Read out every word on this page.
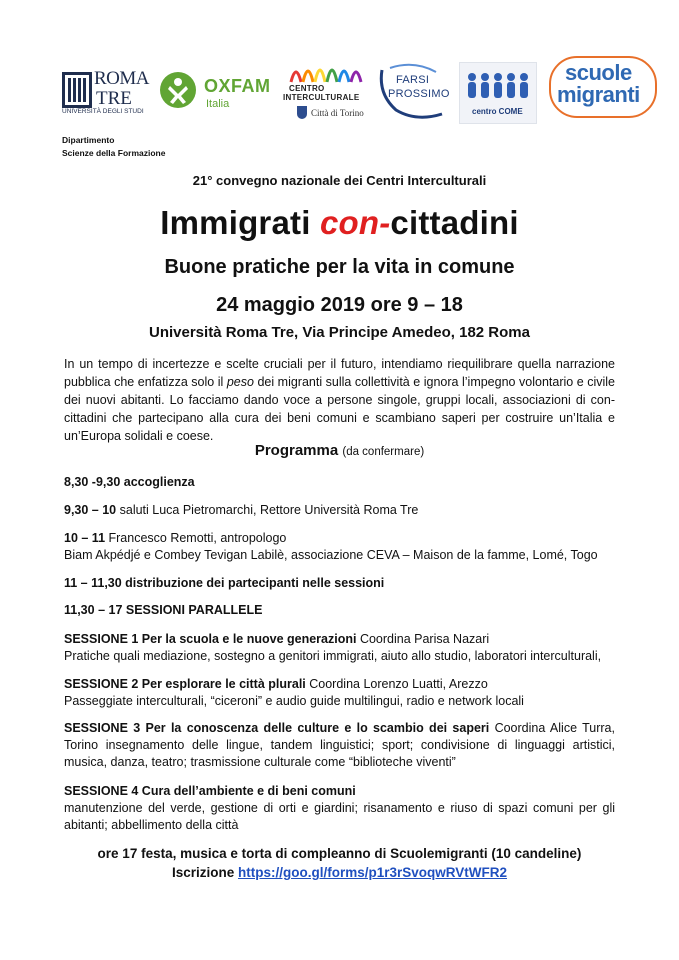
ROMA
TRE
UNIVERSITÀ DEGLI STUDI
OXFAM
Italia
CENTRO
INTERCULTURALE
Città di Torino
FARSI
PROSSIMO
centro COME
scuole
migranti
Dipartimento
Scienze della Formazione
21° convegno nazionale dei Centri Interculturali
Immigrati con-cittadini
Buone pratiche per la vita in comune
24 maggio 2019 ore 9 – 18
Università Roma Tre, Via Principe Amedeo, 182 Roma
In un tempo di incertezze e scelte cruciali per il futuro, intendiamo riequilibrare quella narrazione pubblica che enfatizza solo il peso dei migranti sulla collettività e ignora l’impegno volontario e civile dei nuovi abitanti. Lo facciamo dando voce a persone singole, gruppi locali, associazioni di con-cittadini che partecipano alla cura dei beni comuni e scambiano saperi per costruire un’Italia e un’Europa solidali e coese.
Programma (da confermare)
8,30 -9,30 accoglienza
9,30 – 10 saluti Luca Pietromarchi, Rettore Università Roma Tre
10 – 11 Francesco Remotti, antropologo
Biam Akpédjé e Combey Tevigan Labilè, associazione CEVA – Maison de la famme, Lomé, Togo
11 – 11,30 distribuzione dei partecipanti nelle sessioni
11,30 – 17 SESSIONI PARALLELE
SESSIONE 1 Per la scuola e le nuove generazioni Coordina Parisa Nazari
Pratiche quali mediazione, sostegno a genitori immigrati, aiuto allo studio, laboratori interculturali,
SESSIONE 2 Per esplorare le città plurali Coordina Lorenzo Luatti, Arezzo
Passeggiate interculturali, “ciceroni” e audio guide multilingui, radio e network locali
SESSIONE 3 Per la conoscenza delle culture e lo scambio dei saperi Coordina Alice Turra, Torino insegnamento delle lingue, tandem linguistici; sport; condivisione di linguaggi artistici, musica, danza, teatro; trasmissione culturale come “biblioteche viventi”
SESSIONE 4 Cura dell’ambiente e di beni comuni
manutenzione del verde, gestione di orti e giardini; risanamento e riuso di spazi comuni per gli abitanti; abbellimento della città
ore 17 festa, musica e torta di compleanno di Scuolemigranti (10 candeline)
Iscrizione https://goo.gl/forms/p1r3rSvoqwRVtWFR2
